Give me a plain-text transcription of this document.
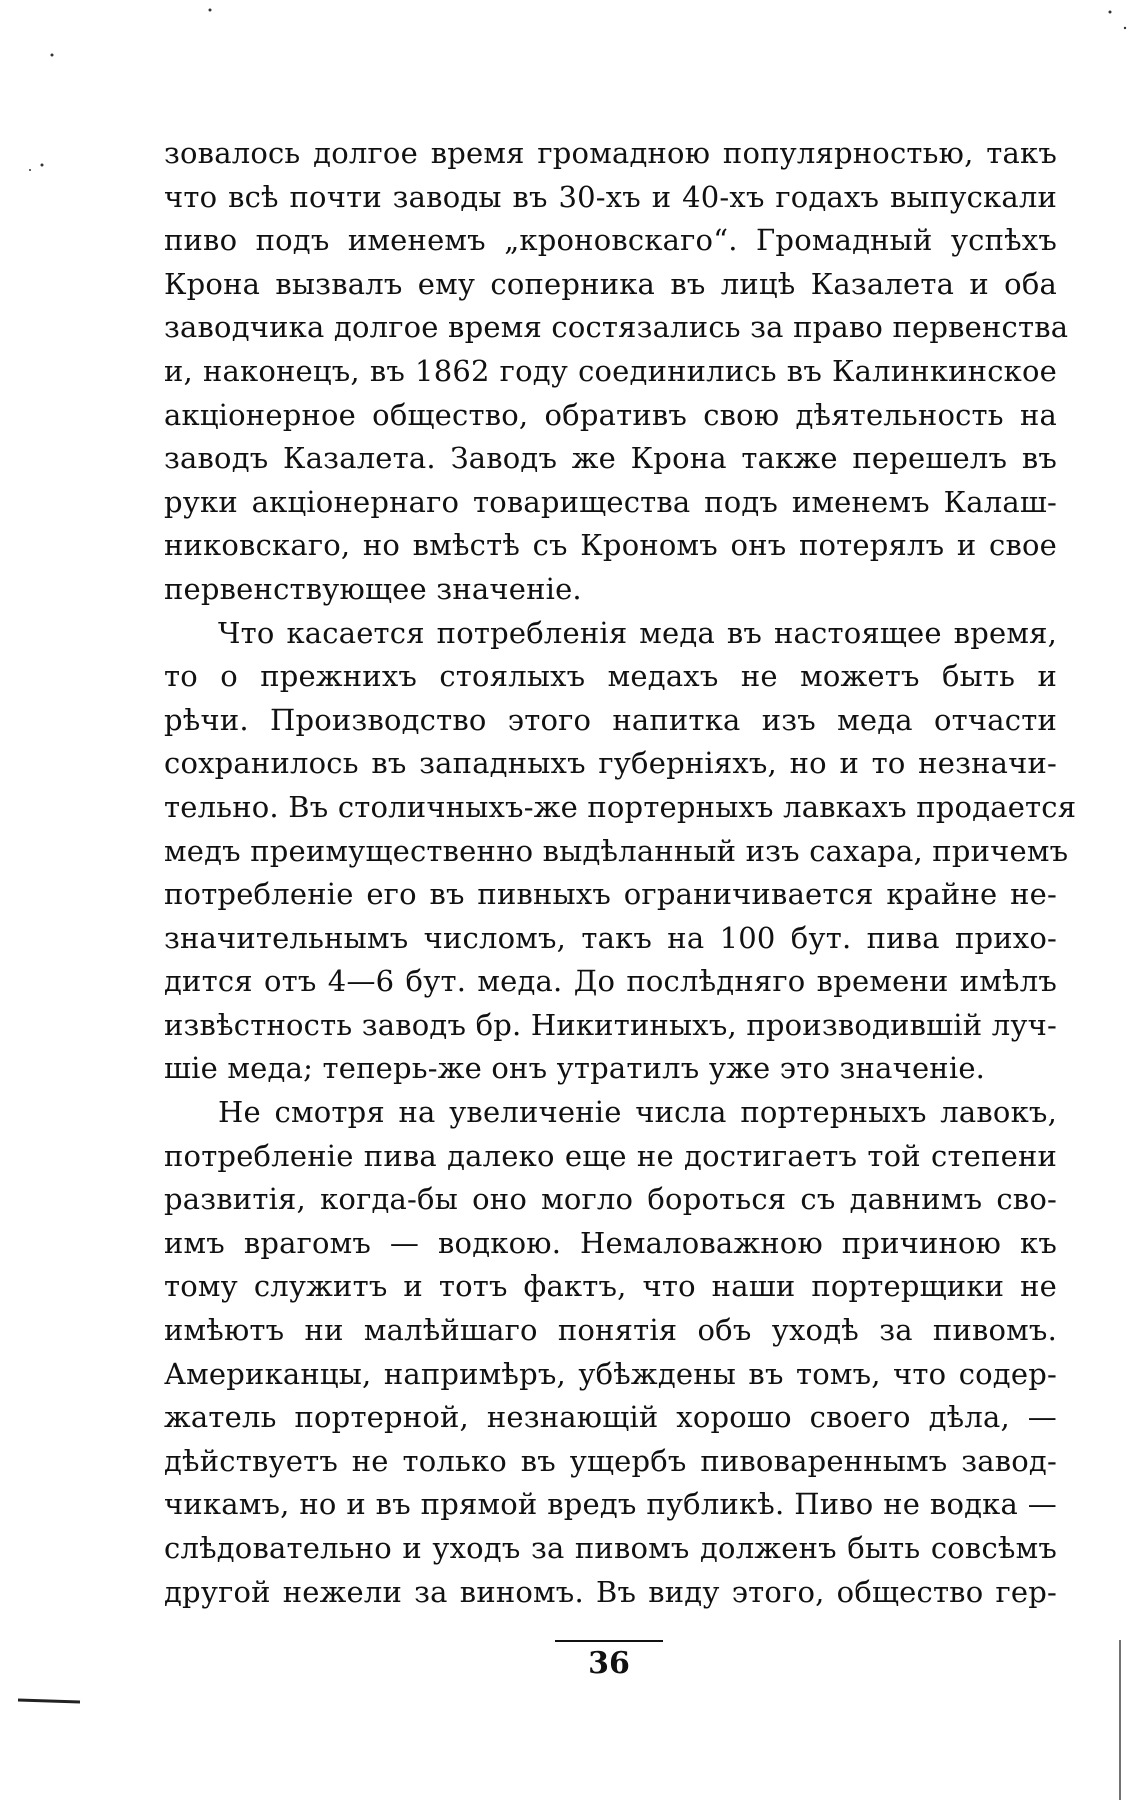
зовалось долгое время громадною популярностью, такъ
что всѣ почти заводы въ 30-хъ и 40-хъ годахъ выпускали
пиво подъ именемъ „кроновскаго“. Громадный успѣхъ
Крона вызвалъ ему соперника въ лицѣ Казалета и оба
заводчика долгое время состязались за право первенства
и, наконецъ, въ 1862 году соединились въ Калинкинское
акціонерное общество, обративъ свою дѣятельность на
заводъ Казалета. Заводъ же Крона также перешелъ въ
руки акціонернаго товарищества подъ именемъ Калаш-
никовскаго, но вмѣстѣ съ Крономъ онъ потерялъ и свое
первенствующее значеніе.
Что касается потребленія меда въ настоящее время,
то о прежнихъ стоялыхъ медахъ не можетъ быть и
рѣчи. Производство этого напитка изъ меда отчасти
сохранилось въ западныхъ губерніяхъ, но и то незначи-
тельно. Въ столичныхъ-же портерныхъ лавкахъ продается
медъ преимущественно выдѣланный изъ сахара, причемъ
потребленіе его въ пивныхъ ограничивается крайне не-
значительнымъ числомъ, такъ на 100 бут. пива прихо-
дится отъ 4—6 бут. меда. До послѣдняго времени имѣлъ
извѣстность заводъ бр. Никитиныхъ, производившій луч-
шіе меда; теперь-же онъ утратилъ уже это значеніе.
Не смотря на увеличеніе числа портерныхъ лавокъ,
потребленіе пива далеко еще не достигаетъ той степени
развитія, когда-бы оно могло бороться съ давнимъ сво-
имъ врагомъ — водкою. Немаловажною причиною къ
тому служитъ и тотъ фактъ, что наши портерщики не
имѣютъ ни малѣйшаго понятія объ уходѣ за пивомъ.
Американцы, напримѣръ, убѣждены въ томъ, что содер-
жатель портерной, незнающій хорошо своего дѣла, —
дѣйствуетъ не только въ ущербъ пивовареннымъ завод-
чикамъ, но и въ прямой вредъ публикѣ. Пиво не водка —
слѣдовательно и уходъ за пивомъ долженъ быть совсѣмъ
другой нежели за виномъ. Въ виду этого, общество гер-
36
